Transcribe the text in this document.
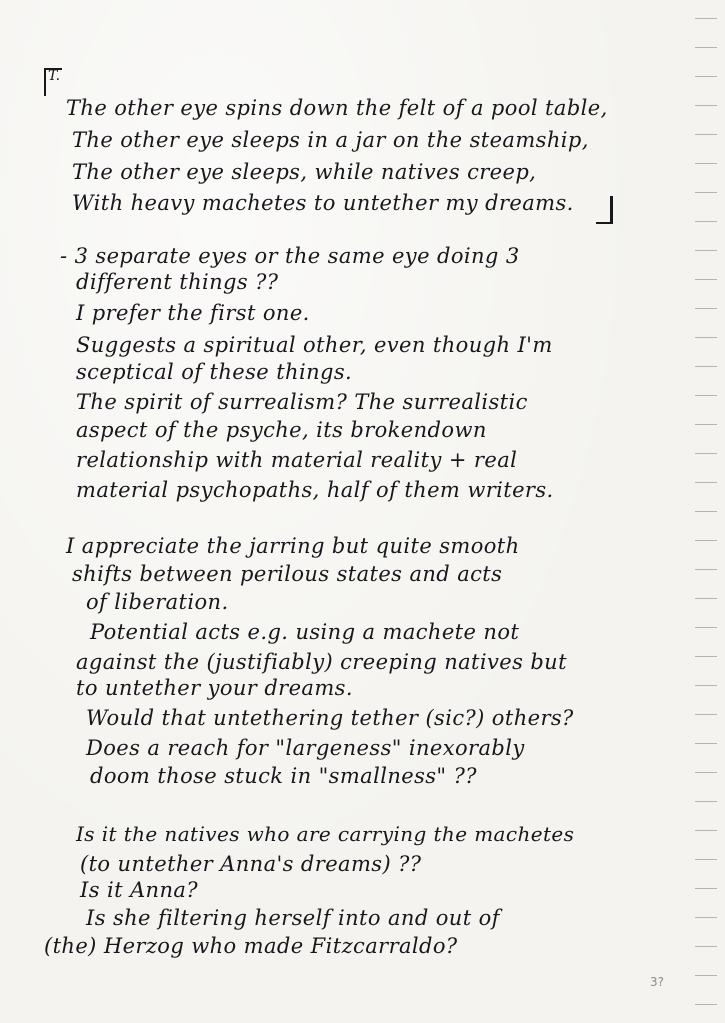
T.
The other eye spins down the felt of a pool table,
The other eye sleeps in a jar on the steamship,
The other eye sleeps, while natives creep,
With heavy machetes to untether my dreams.
- 3 separate eyes or the same eye doing 3
different things ??
I prefer the first one.
Suggests a spiritual other, even though I'm
sceptical of these things.
The spirit of surrealism? The surrealistic
aspect of the psyche, its brokendown
relationship with material reality + real
material psychopaths, half of them writers.
I appreciate the jarring but quite smooth
shifts between perilous states and acts
of liberation.
Potential acts e.g. using a machete not
against the (justifiably) creeping natives but
to untether your dreams.
Would that untethering tether (sic?) others?
Does a reach for "largeness" inexorably
doom those stuck in "smallness" ??
Is it the natives who are carrying the machetes
(to untether Anna's dreams) ??
Is it Anna?
Is she filtering herself into and out of
(the) Herzog who made Fitzcarraldo?
3?
